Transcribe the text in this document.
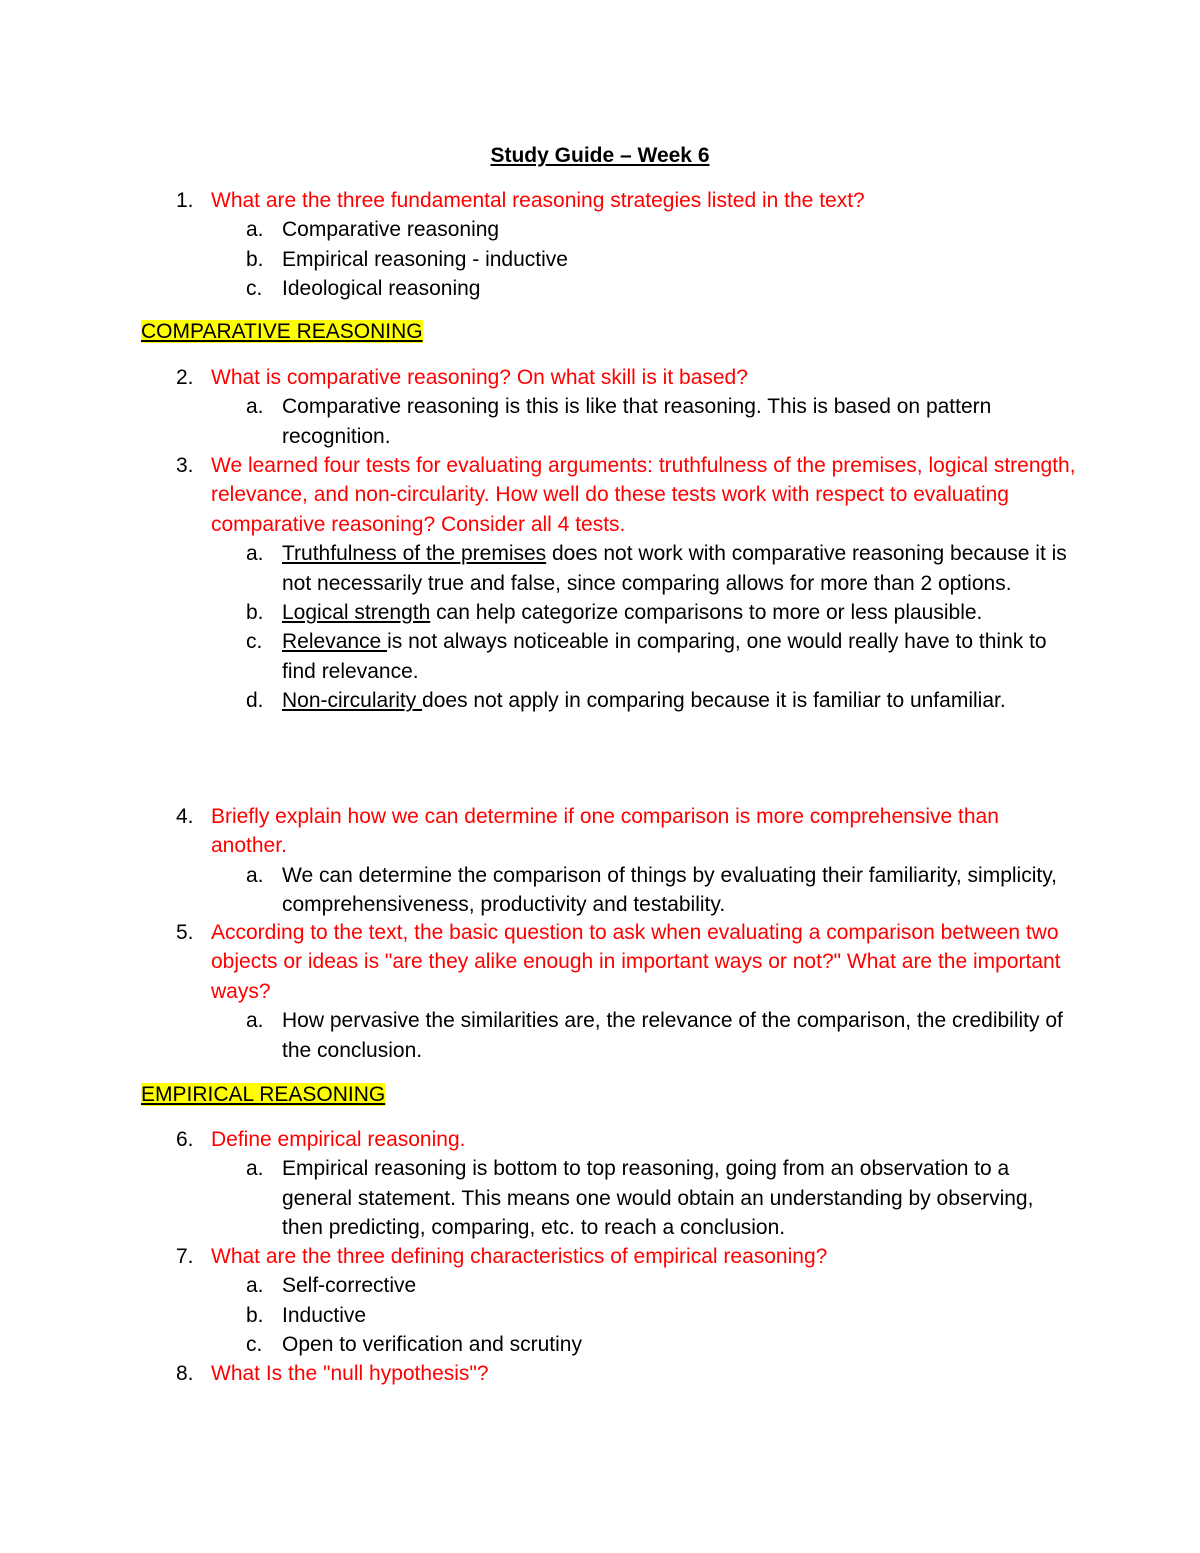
Study Guide – Week 6
1. What are the three fundamental reasoning strategies listed in the text?
a. Comparative reasoning
b. Empirical reasoning - inductive
c. Ideological reasoning
COMPARATIVE REASONING
2. What is comparative reasoning? On what skill is it based?
a. Comparative reasoning is this is like that reasoning. This is based on pattern recognition.
3. We learned four tests for evaluating arguments: truthfulness of the premises, logical strength, relevance, and non-circularity. How well do these tests work with respect to evaluating comparative reasoning? Consider all 4 tests.
a. Truthfulness of the premises does not work with comparative reasoning because it is not necessarily true and false, since comparing allows for more than 2 options.
b. Logical strength can help categorize comparisons to more or less plausible.
c. Relevance is not always noticeable in comparing, one would really have to think to find relevance.
d. Non-circularity does not apply in comparing because it is familiar to unfamiliar.
4. Briefly explain how we can determine if one comparison is more comprehensive than another.
a. We can determine the comparison of things by evaluating their familiarity, simplicity, comprehensiveness, productivity and testability.
5. According to the text, the basic question to ask when evaluating a comparison between two objects or ideas is "are they alike enough in important ways or not?" What are the important ways?
a. How pervasive the similarities are, the relevance of the comparison, the credibility of the conclusion.
EMPIRICAL REASONING
6. Define empirical reasoning.
a. Empirical reasoning is bottom to top reasoning, going from an observation to a general statement. This means one would obtain an understanding by observing, then predicting, comparing, etc. to reach a conclusion.
7. What are the three defining characteristics of empirical reasoning?
a. Self-corrective
b. Inductive
c. Open to verification and scrutiny
8. What Is the "null hypothesis"?
